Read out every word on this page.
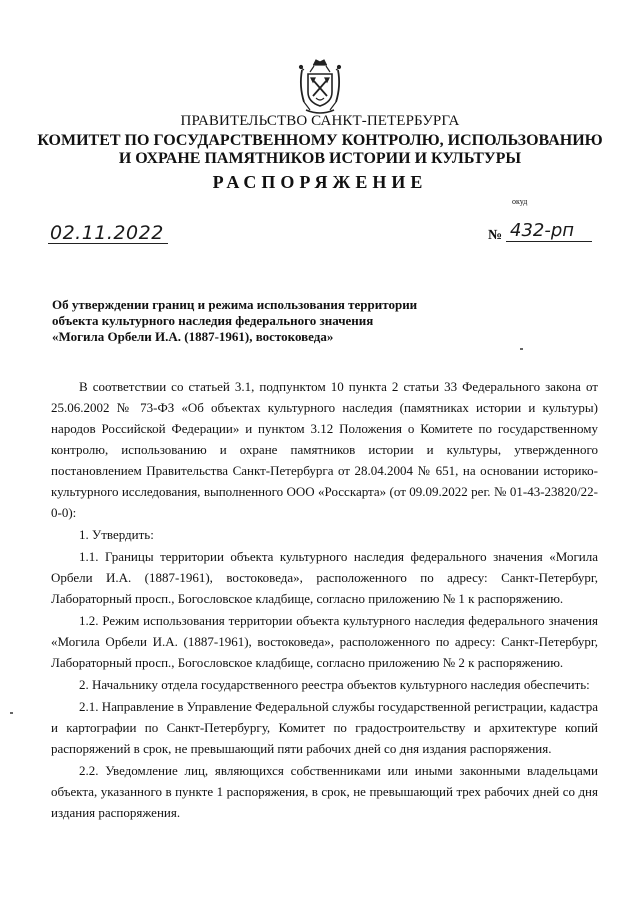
ПРАВИТЕЛЬСТВО САНКТ-ПЕТЕРБУРГА
КОМИТЕТ ПО ГОСУДАРСТВЕННОМУ КОНТРОЛЮ, ИСПОЛЬЗОВАНИЮ
И ОХРАНЕ ПАМЯТНИКОВ ИСТОРИИ И КУЛЬТУРЫ
РАСПОРЯЖЕНИЕ
окуд
02.11.2022	№ 432-рп
Об утверждении границ и режима использования территории
объекта культурного наследия федерального значения
«Могила Орбели И.А. (1887-1961), востоковеда»

В соответствии со статьей 3.1, подпунктом 10 пункта 2 статьи 33 Федерального закона от 25.06.2002 № 73-ФЗ «Об объектах культурного наследия (памятниках истории и культуры) народов Российской Федерации» и пунктом 3.12 Положения о Комитете по государственному контролю, использованию и охране памятников истории и культуры, утвержденного постановлением Правительства Санкт-Петербурга от 28.04.2004 № 651, на основании историко-культурного исследования, выполненного ООО «Росскарта» (от 09.09.2022 рег. № 01-43-23820/22-0-0):

1. Утвердить:

1.1. Границы территории объекта культурного наследия федерального значения «Могила Орбели И.А. (1887-1961), востоковеда», расположенного по адресу: Санкт-Петербург, Лабораторный просп., Богословское кладбище, согласно приложению № 1 к распоряжению.

1.2. Режим использования территории объекта культурного наследия федерального значения «Могила Орбели И.А. (1887-1961), востоковеда», расположенного по адресу: Санкт-Петербург, Лабораторный просп., Богословское кладбище, согласно приложению № 2 к распоряжению.

2. Начальнику отдела государственного реестра объектов культурного наследия обеспечить:

2.1. Направление в Управление Федеральной службы государственной регистрации, кадастра и картографии по Санкт-Петербургу, Комитет по градостроительству и архитектуре копий распоряжений в срок, не превышающий пяти рабочих дней со дня издания распоряжения.

2.2. Уведомление лиц, являющихся собственниками или иными законными владельцами объекта, указанного в пункте 1 распоряжения, в срок, не превышающий трех рабочих дней со дня издания распоряжения.
